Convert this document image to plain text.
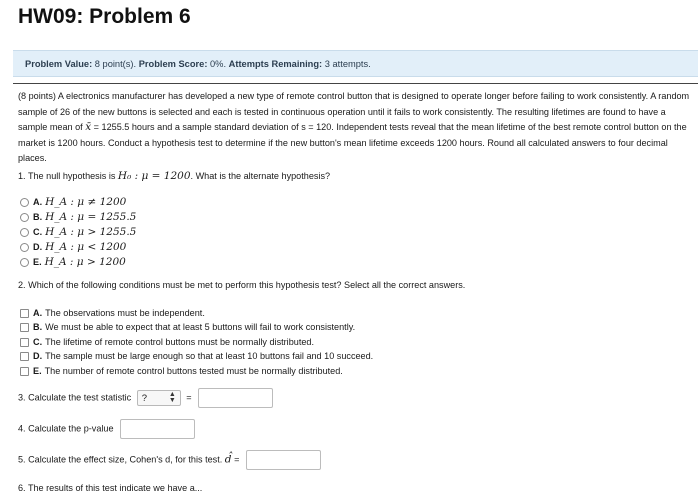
HW09: Problem 6
Problem Value: 8 point(s). Problem Score: 0%. Attempts Remaining: 3 attempts.

(8 points) A electronics manufacturer has developed a new type of remote control button that is designed to operate longer before failing to work consistently. A random sample of 26 of the new buttons is selected and each is tested in continuous operation until it fails to work consistently. The resulting lifetimes are found to have a sample mean of x̄ = 1255.5 hours and a sample standard deviation of s = 120. Independent tests reveal that the mean lifetime of the best remote control button on the market is 1200 hours. Conduct a hypothesis test to determine if the new button's mean lifetime exceeds 1200 hours. Round all calculated answers to four decimal places.

1. The null hypothesis is H₀ : μ = 1200. What is the alternate hypothesis?
A. H_A : μ ≠ 1200
B. H_A : μ = 1255.5
C. H_A : μ > 1255.5
D. H_A : μ < 1200
E. H_A : μ > 1200
2. Which of the following conditions must be met to perform this hypothesis test? Select all the correct answers.
A. The observations must be independent.
B. We must be able to expect that at least 5 buttons will fail to work consistently.
C. The lifetime of remote control buttons must be normally distributed.
D. The sample must be large enough so that at least 10 buttons fail and 10 succeed.
E. The number of remote control buttons tested must be normally distributed.
3. Calculate the test statistic ?	▲
▼ =
4. Calculate the p-value
5. Calculate the effect size, Cohen's d, for this test. d̂ =
6. The results of this test indicate we have a...
